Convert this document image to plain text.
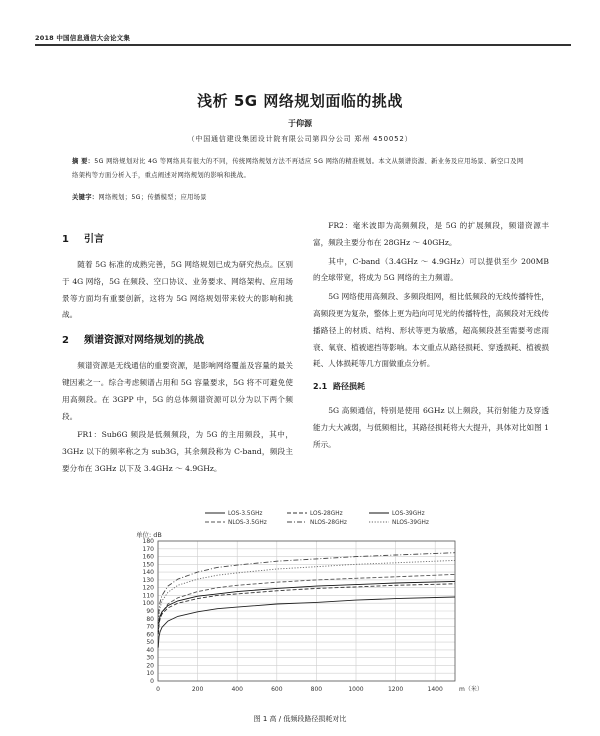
2018 中国信息通信大会论文集
浅析 5G 网络规划面临的挑战
于仰源
（中国通信建设集团设计院有限公司第四分公司 郑州 450052）
摘 要：5G 网络规划对比 4G 等网络具有很大的不同，传统网络规划方法不再适应 5G 网络的精准规划。本文从频谱资源、新业务及应用场景、新空口及网络架构等方面分析入手，重点阐述对网络规划的影响和挑战。
关键字：网络规划；5G；传播模型；应用场景
1 引言

随着 5G 标准的成熟完善，5G 网络规划已成为研究热点。区别于 4G 网络，5G 在频段、空口协议、业务要求、网络架构、应用场景等方面均有重要创新，这将为 5G 网络规划带来较大的影响和挑战。

2 频谱资源对网络规划的挑战

频谱资源是无线通信的重要资源，是影响网络覆盖及容量的最关键因素之一。综合考虑频谱占用和 5G 容量要求，5G 将不可避免使用高频段。在 3GPP 中，5G 的总体频谱资源可以分为以下两个频段。

FR1：Sub6G 频段是低频频段，为 5G 的主用频段，其中，3GHz 以下的频率称之为 sub3G，其余频段称为 C-band，频段主要分布在 3GHz 以下及 3.4GHz ～ 4.9GHz。

FR2：毫米波即为高频频段，是 5G 的扩展频段，频谱资源丰富，频段主要分布在 28GHz ～ 40GHz。

其中，C-band（3.4GHz ～ 4.9GHz）可以提供至少 200MB 的全球带宽，将成为 5G 网络的主力频谱。

5G 网络使用高频段、多频段组网，相比低频段的无线传播特性，高频段更为复杂，整体上更为趋向可见光的传播特性，高频段对无线传播路径上的材质、结构、形状等更为敏感，超高频段甚至需要考虑雨衰、氧衰、植被遮挡等影响。本文重点从路径损耗、穿透损耗、植被损耗、人体损耗等几方面做重点分析。

2.1 路径损耗

5G 高频通信，特别是使用 6GHz 以上频段，其衍射能力及穿透能力大大减弱，与低频相比，其路径损耗将大大提升，具体对比如图 1 所示。

0
10
20
30
40
50
60
70
80
90
100
110
120
130
140
150
160
170
180
0	200	400	600	800	1000	1200	1400
单位: dB
m（米）
LOS-3.5GHz	LOS-28GHz	LOS-39GHz
NLOS-3.5GHz	NLOS-28GHz	NLOS-39GHz
图 1 高 / 低频段路径损耗对比
